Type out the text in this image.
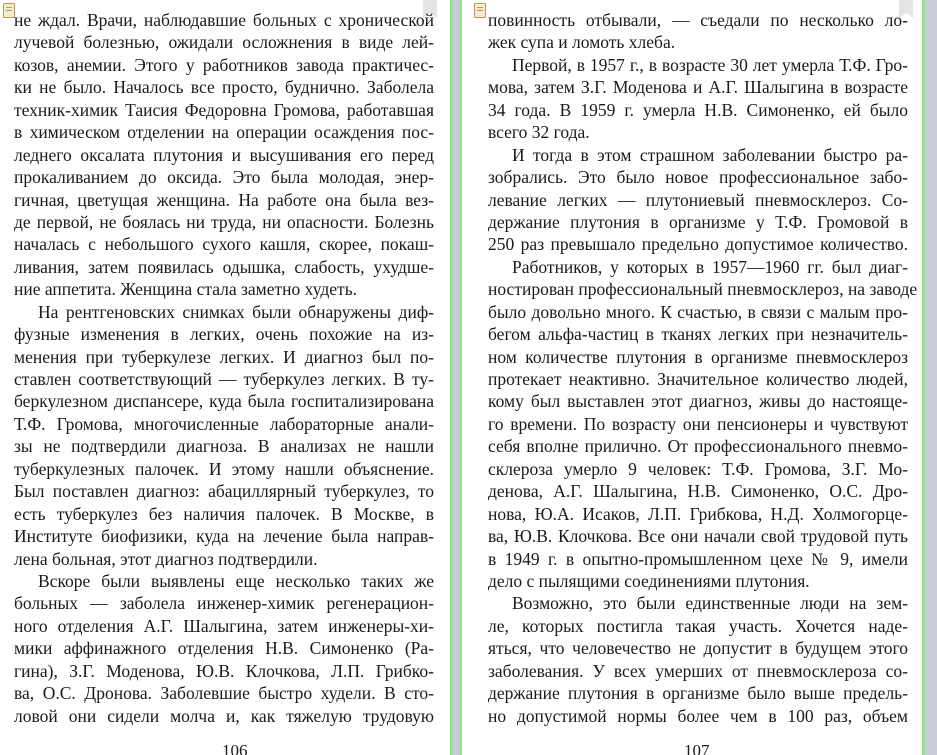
не ждал. Врачи, наблюдавшие больных с хронической
лучевой болезнью, ожидали осложнения в виде лей-
козов, анемии. Этого у работников завода практичес-
ки не было. Началось все просто, буднично. Заболела
техник-химик Таисия Федоровна Громова, работавшая
в химическом отделении на операции осаждения пос-
леднего оксалата плутония и высушивания его перед
прокаливанием до оксида. Это была молодая, энер-
гичная, цветущая женщина. На работе она была вез-
де первой, не боялась ни труда, ни опасности. Болезнь
началась с небольшого сухого кашля, скорее, покаш-
ливания, затем появилась одышка, слабость, ухудше-
ние аппетита. Женщина стала заметно худеть.
На рентгеновских снимках были обнаружены диф-
фузные изменения в легких, очень похожие на из-
менения при туберкулезе легких. И диагноз был по-
ставлен соответствующий — туберкулез легких. В ту-
беркулезном диспансере, куда была госпитализирована
Т.Ф. Громова, многочисленные лабораторные анали-
зы не подтвердили диагноза. В анализах не нашли
туберкулезных палочек. И этому нашли объяснение.
Был поставлен диагноз: абациллярный туберкулез, то
есть туберкулез без наличия палочек. В Москве, в
Институте биофизики, куда на лечение была направ-
лена больная, этот диагноз подтвердили.
Вскоре были выявлены еще несколько таких же
больных — заболела инженер-химик регенерацион-
ного отделения А.Г. Шалыгина, затем инженеры-хи-
мики аффинажного отделения Н.В. Симоненко (Ра-
гина), З.Г. Моденова, Ю.В. Клочкова, Л.П. Грибко-
ва, О.С. Дронова. Заболевшие быстро худели. В сто-
ловой они сидели молча и, как тяжелую трудовую
106
повинность отбывали, — съедали по несколько ло-
жек супа и ломоть хлеба.
Первой, в 1957 г., в возрасте 30 лет умерла Т.Ф. Гро-
мова, затем З.Г. Моденова и А.Г. Шалыгина в возрасте
34 года. В 1959 г. умерла Н.В. Симоненко, ей было
всего 32 года.
И тогда в этом страшном заболевании быстро ра-
зобрались. Это было новое профессиональное забо-
левание легких — плутониевый пневмосклероз. Со-
держание плутония в организме у Т.Ф. Громовой в
250 раз превышало предельно допустимое количество.
Работников, у которых в 1957—1960 гг. был диаг-
ностирован профессиональный пневмосклероз, на заводе
было довольно много. К счастью, в связи с малым про-
бегом альфа-частиц в тканях легких при незначитель-
ном количестве плутония в организме пневмосклероз
протекает неактивно. Значительное количество людей,
кому был выставлен этот диагноз, живы до настояще-
го времени. По возрасту они пенсионеры и чувствуют
себя вполне прилично. От профессионального пневмо-
склероза умерло 9 человек: Т.Ф. Громова, З.Г. Мо-
денова, А.Г. Шалыгина, Н.В. Симоненко, О.С. Дро-
нова, Ю.А. Исаков, Л.П. Грибкова, Н.Д. Холмогорце-
ва, Ю.В. Клочкова. Все они начали свой трудовой путь
в 1949 г. в опытно-промышленном цехе № 9, имели
дело с пылящими соединениями плутония.
Возможно, это были единственные люди на зем-
ле, которых постигла такая участь. Хочется наде-
яться, что человечество не допустит в будущем этого
заболевания. У всех умерших от пневмосклероза со-
держание плутония в организме было выше предель-
но допустимой нормы более чем в 100 раз, объем
107
